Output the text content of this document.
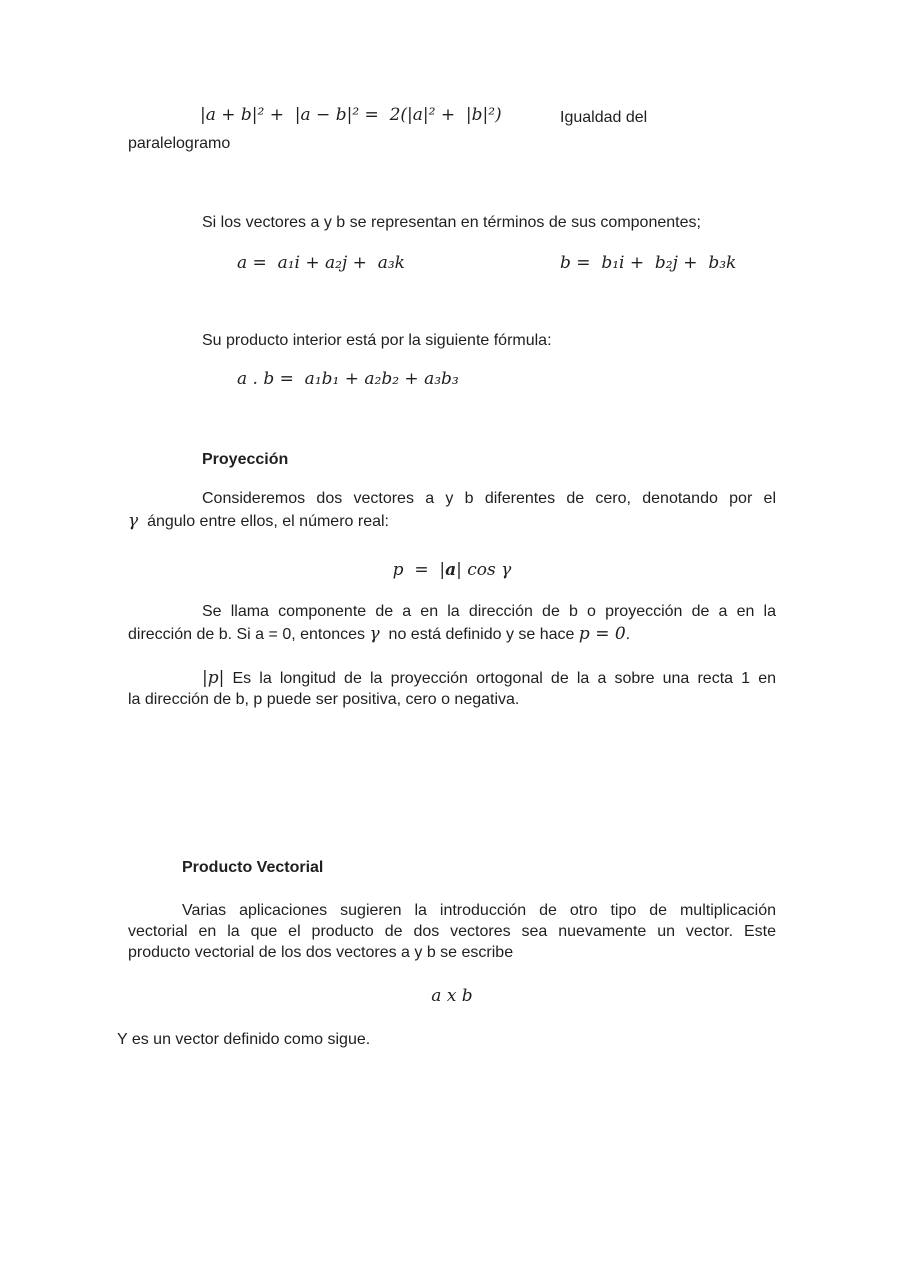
|a + b|² +  |a − b|² =  2(|a|² +  |b|²)	Igualdad del
paralelogramo
Si los vectores a y b se representan en términos de sus componentes;
a =  a₁i + a₂j +  a₃k	b =  b₁i +  b₂j +  b₃k
Su producto interior está por la siguiente fórmula:
a . b =  a₁b₁ + a₂b₂ + a₃b₃
Proyección
Consideremos dos vectores a y b diferentes de cero, denotando por el
γ  ángulo entre ellos, el número real:
p  =  |a| cos γ
Se llama componente de a en la dirección de b o proyección de a en la
dirección de b. Si a = 0, entonces γ  no está definido y se hace p = 0.
|p| Es la longitud de la proyección ortogonal de la a sobre una recta 1 en
la dirección de b, p puede ser positiva, cero o negativa.
Producto Vectorial
Varias aplicaciones sugieren la introducción de otro tipo de multiplicación
vectorial en la que el producto de dos vectores sea nuevamente un vector. Este
producto vectorial de los dos vectores a y b se escribe
a x b
Y es un vector definido como sigue.
